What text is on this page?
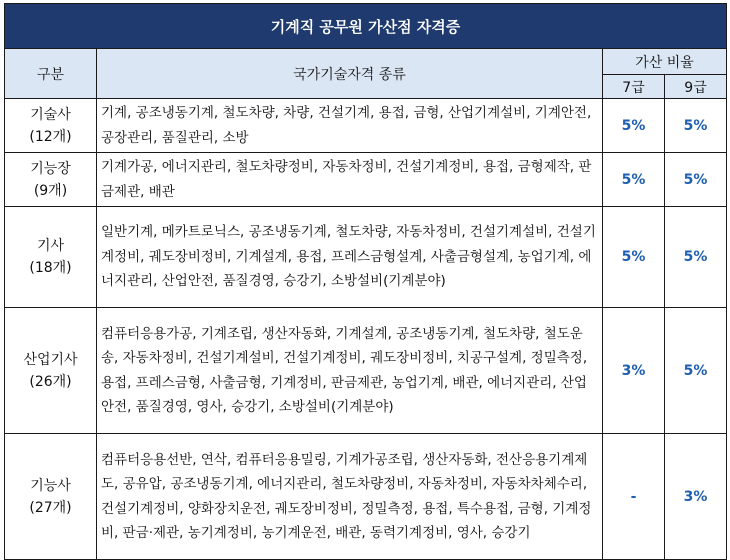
기계직 공무원 가산점 자격증			
구분	국가기술자격 종류	가산 비율	
		7급	9급

기술사
(12개)	기계, 공조냉동기계, 철도차량, 차량, 건설기계, 용접, 금형, 산업기계설비, 기계안전, 공장관리, 품질관리, 소방	5%	5%

기능장
(9개)	기계가공, 에너지관리, 철도차량정비, 자동차정비, 건설기계정비, 용접, 금형제작, 판금제관, 배관	5%	5%

기사
(18개)	일반기계, 메카트로닉스, 공조냉동기계, 철도차량, 자동차정비, 건설기계설비, 건설기계정비, 궤도장비정비, 기계설계, 용접, 프레스금형설계, 사출금형설계, 농업기계, 에너지관리, 산업안전, 품질경영, 승강기, 소방설비(기계분야)	5%	5%

산업기사
(26개)	컴퓨터응용가공, 기계조립, 생산자동화, 기계설계, 공조냉동기계, 철도차량, 철도운송, 자동차정비, 건설기계설비, 건설기계정비, 궤도장비정비, 치공구설계, 정밀측정, 용접, 프레스금형, 사출금형, 기계정비, 판금제관, 농업기계, 배관, 에너지관리, 산업안전, 품질경영, 영사, 승강기, 소방설비(기계분야)	3%	5%

기능사
(27개)	컴퓨터응용선반, 연삭, 컴퓨터응용밀링, 기계가공조립, 생산자동화, 전산응용기계제도, 공유압, 공조냉동기계, 에너지관리, 철도차량정비, 자동차정비, 자동차차체수리, 건설기계정비, 양화장치운전, 궤도장비정비, 정밀측정, 용접, 특수용접, 금형, 기계정비, 판금·제관, 농기계정비, 농기계운전, 배관, 동력기계정비, 영사, 승강기	-	3%
